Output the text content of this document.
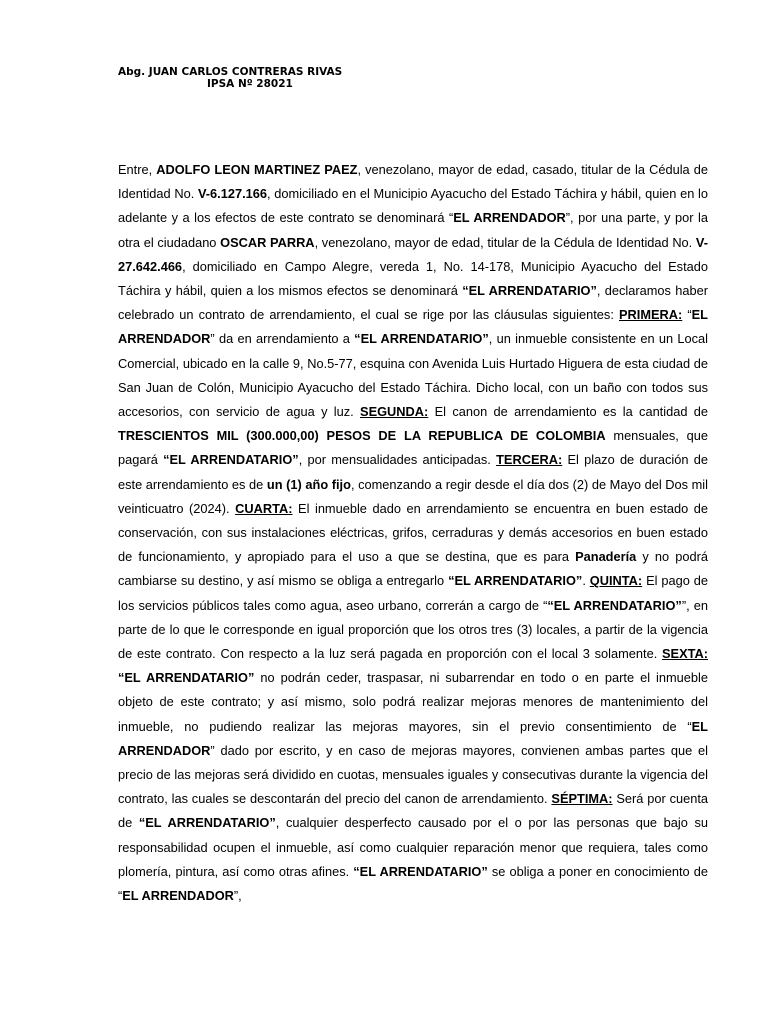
Abg. JUAN CARLOS CONTRERAS RIVAS
IPSA Nº 28021

Entre, ADOLFO LEON MARTINEZ PAEZ, venezolano, mayor de edad, casado, titular de la Cédula de Identidad No. V-6.127.166, domiciliado en el Municipio Ayacucho del Estado Táchira y hábil, quien en lo adelante y a los efectos de este contrato se denominará “EL ARRENDADOR”, por una parte, y por la otra el ciudadano OSCAR PARRA, venezolano, mayor de edad, titular de la Cédula de Identidad No. V-27.642.466, domiciliado en Campo Alegre, vereda 1, No. 14-178, Municipio Ayacucho del Estado Táchira y hábil, quien a los mismos efectos se denominará “EL ARRENDATARIO”, declaramos haber celebrado un contrato de arrendamiento, el cual se rige por las cláusulas siguientes: PRIMERA: “EL ARRENDADOR” da en arrendamiento a “EL ARRENDATARIO”, un inmueble consistente en un Local Comercial, ubicado en la calle 9, No.5-77, esquina con Avenida Luis Hurtado Higuera de esta ciudad de San Juan de Colón, Municipio Ayacucho del Estado Táchira. Dicho local, con un baño con todos sus accesorios, con servicio de agua y luz. SEGUNDA: El canon de arrendamiento es la cantidad de TRESCIENTOS MIL (300.000,00) PESOS DE LA REPUBLICA DE COLOMBIA mensuales, que pagará “EL ARRENDATARIO”, por mensualidades anticipadas. TERCERA: El plazo de duración de este arrendamiento es de un (1) año fijo, comenzando a regir desde el día dos (2) de Mayo del Dos mil veinticuatro (2024). CUARTA: El inmueble dado en arrendamiento se encuentra en buen estado de conservación, con sus instalaciones eléctricas, grifos, cerraduras y demás accesorios en buen estado de funcionamiento, y apropiado para el uso a que se destina, que es para Panadería y no podrá cambiarse su destino, y así mismo se obliga a entregarlo “EL ARRENDATARIO”. QUINTA: El pago de los servicios públicos tales como agua, aseo urbano, correrán a cargo de ““EL ARRENDATARIO””, en parte de lo que le corresponde en igual proporción que los otros tres (3) locales, a partir de la vigencia de este contrato. Con respecto a la luz será pagada en proporción con el local 3 solamente. SEXTA: “EL ARRENDATARIO” no podrán ceder, traspasar, ni subarrendar en todo o en parte el inmueble objeto de este contrato; y así mismo, solo podrá realizar mejoras menores de mantenimiento del inmueble, no pudiendo realizar las mejoras mayores, sin el previo consentimiento de “EL ARRENDADOR” dado por escrito, y en caso de mejoras mayores, convienen ambas partes que el precio de las mejoras será dividido en cuotas, mensuales iguales y consecutivas durante la vigencia del contrato, las cuales se descontarán del precio del canon de arrendamiento. SÉPTIMA: Será por cuenta de “EL ARRENDATARIO”, cualquier desperfecto causado por el o por las personas que bajo su responsabilidad ocupen el inmueble, así como cualquier reparación menor que requiera, tales como plomería, pintura, así como otras afines. “EL ARRENDATARIO” se obliga a poner en conocimiento de “EL ARRENDADOR”,
